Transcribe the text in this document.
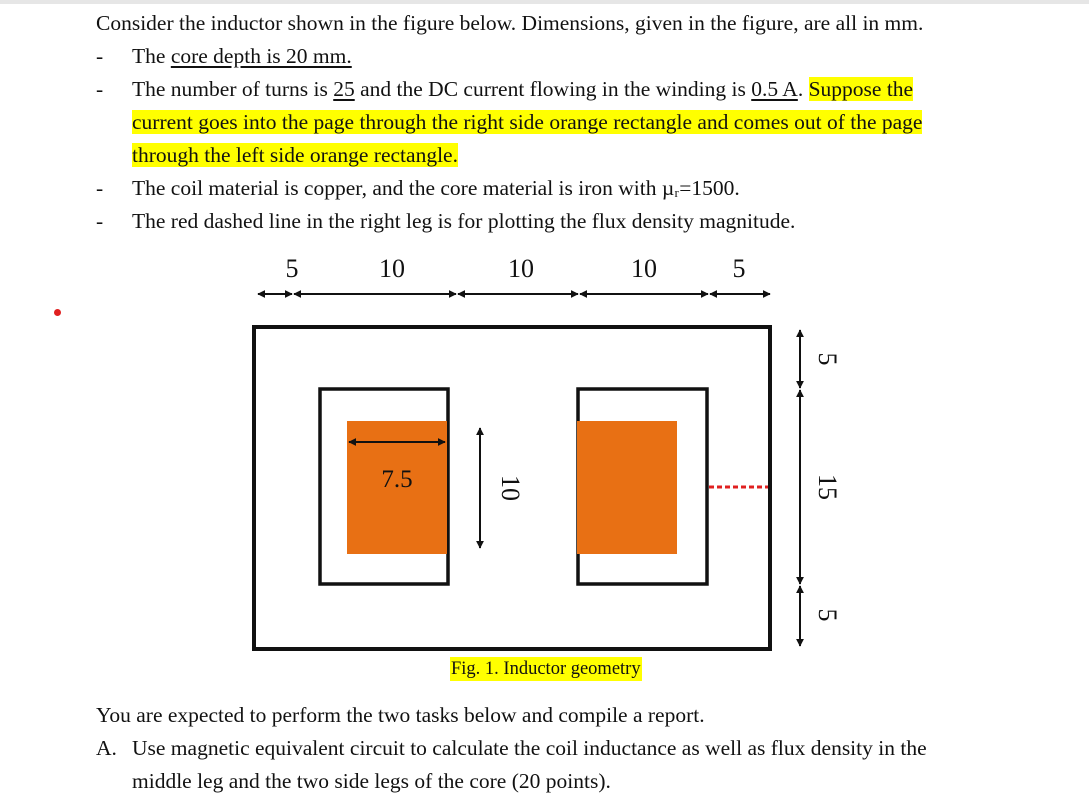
Consider the inductor shown in the figure below. Dimensions, given in the figure, are all in mm.
-	The core depth is 20 mm.
-	The number of turns is 25 and the DC current flowing in the winding is 0.5 A. Suppose the
current goes into the page through the right side orange rectangle and comes out of the page
through the left side orange rectangle.
-	The coil material is copper, and the core material is iron with µᵣ=1500.
-	The red dashed line in the right leg is for plotting the flux density magnitude.
5	10	10	10	5
7.5	10
5
15
5
Fig. 1. Inductor geometry
You are expected to perform the two tasks below and compile a report.
A. Use magnetic equivalent circuit to calculate the coil inductance as well as flux density in the
middle leg and the two side legs of the core (20 points).
